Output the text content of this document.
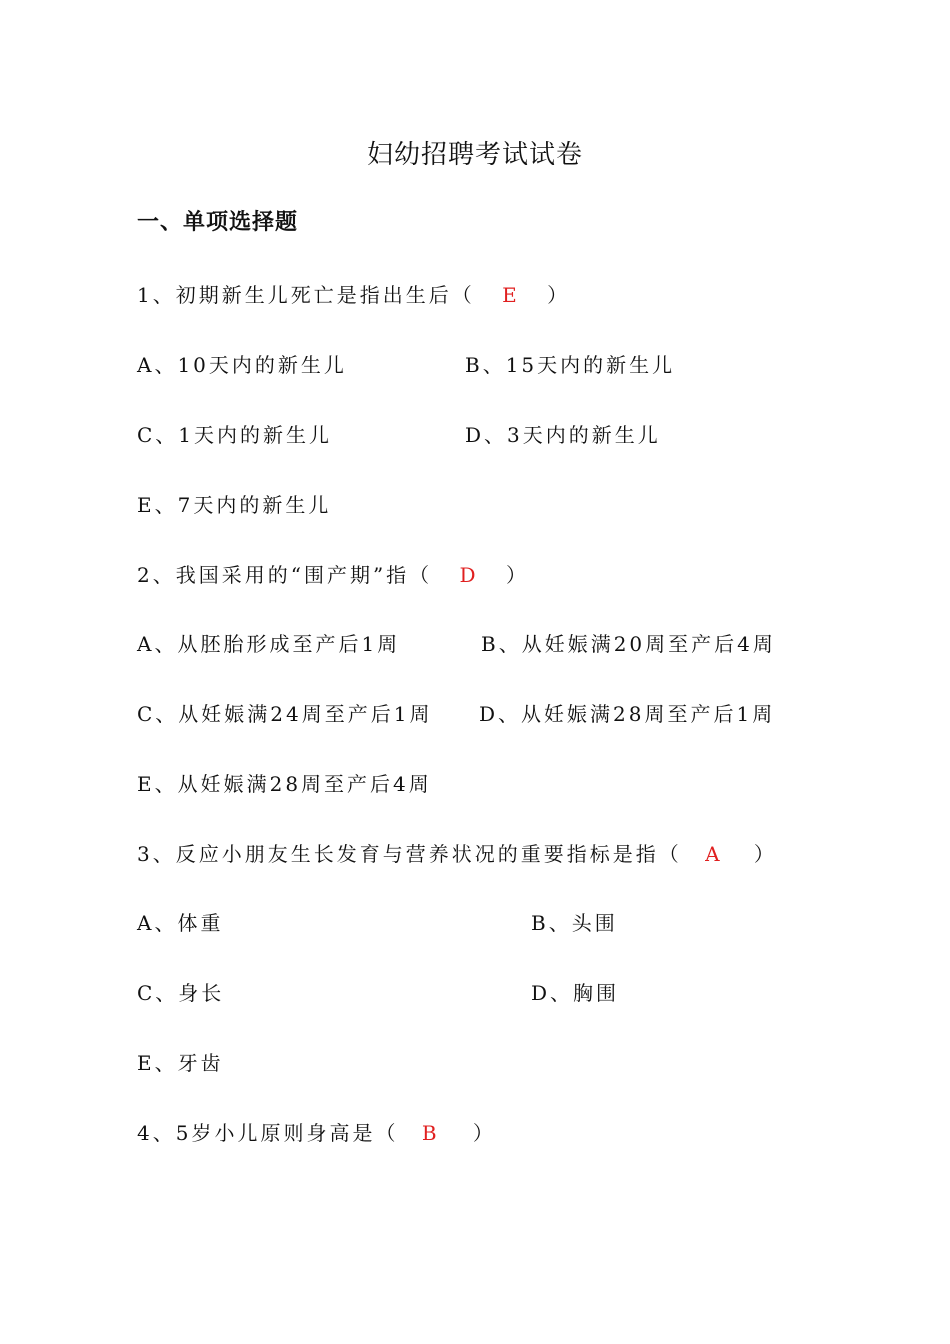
妇幼招聘考试试卷
一、单项选择题
1、初期新生儿死亡是指出生后（ E ）
A、10天内的新生儿	B、15天内的新生儿
C、1天内的新生儿	D、3天内的新生儿
E、7天内的新生儿
2、我国采用的“围产期”指（ D ）
A、从胚胎形成至产后1周	B、从妊娠满20周至产后4周
C、从妊娠满24周至产后1周 D、从妊娠满28周至产后1周
E、从妊娠满28周至产后4周
3、反应小朋友生长发育与营养状况的重要指标是指（ A ）
A、体重	B、头围
C、身长	D、胸围
E、牙齿
4、5岁小儿原则身高是（ B ）
